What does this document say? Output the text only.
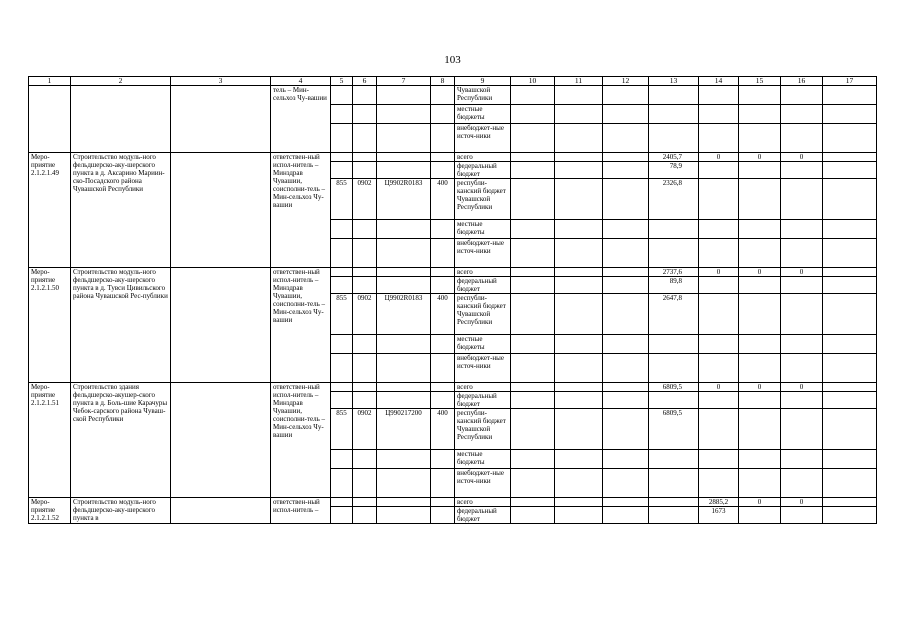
103
1	2	3	4	5	6	7	8	9	10	11	12	13	14	15	16	17
			тель – Мин-сельхоз Чу-вашии					Чувашской Республики								
								местные бюджеты								
								внебюджет-ные источ-ники								
Меро-приятие 2.1.2.1.49	Строительство модуль-ного фельдшерско-аку-шерского пункта в д. Аксарино Мариин-ско-Посадского района Чувашской Республики		ответствен-ный испол-нитель – Минздрав Чувашии, соисполни-тель – Мин-сельхоз Чу-вашии					всего				2405,7	0	0	0	
								федеральный бюджет				78,9				
				855	0902	Ц9902R0183	400	республи-канский бюджет Чувашской Республики				2326,8				
								местные бюджеты								
								внебюджет-ные источ-ники								
Меро-приятие 2.1.2.1.50	Строительство модуль-ного фельдшерско-аку-шерского пункта в д. Тувси Цивильского района Чувашской Рес-публики		ответствен-ный испол-нитель – Минздрав Чувашии, соисполни-тель – Мин-сельхоз Чу-вашии					всего				2737,6	0	0	0	
								федеральный бюджет				89,8				
				855	0902	Ц9902R0183	400	республи-канский бюджет Чувашской Республики				2647,8				
								местные бюджеты								
								внебюджет-ные источ-ники								
Меро-приятие 2.1.2.1.51	Строительство здания фельдшерско-акушер-ского пункта в д. Боль-шие Карачуры Чебок-сарского района Чуваш-ской Республики		ответствен-ный испол-нитель – Минздрав Чувашии, соисполни-тель – Мин-сельхоз Чу-вашии					всего				6809,5	0	0	0	
								федеральный бюджет								
				855	0902	Ц990217200	400	республи-канский бюджет Чувашской Республики				6809,5				
								местные бюджеты								
								внебюджет-ные источ-ники								
Меро-приятие 2.1.2.1.52	Строительство модуль-ного фельдшерско-аку-шерского пункта в		ответствен-ный испол-нитель –					всего					2885,2	0	0	
								федеральный бюджет					1673			
